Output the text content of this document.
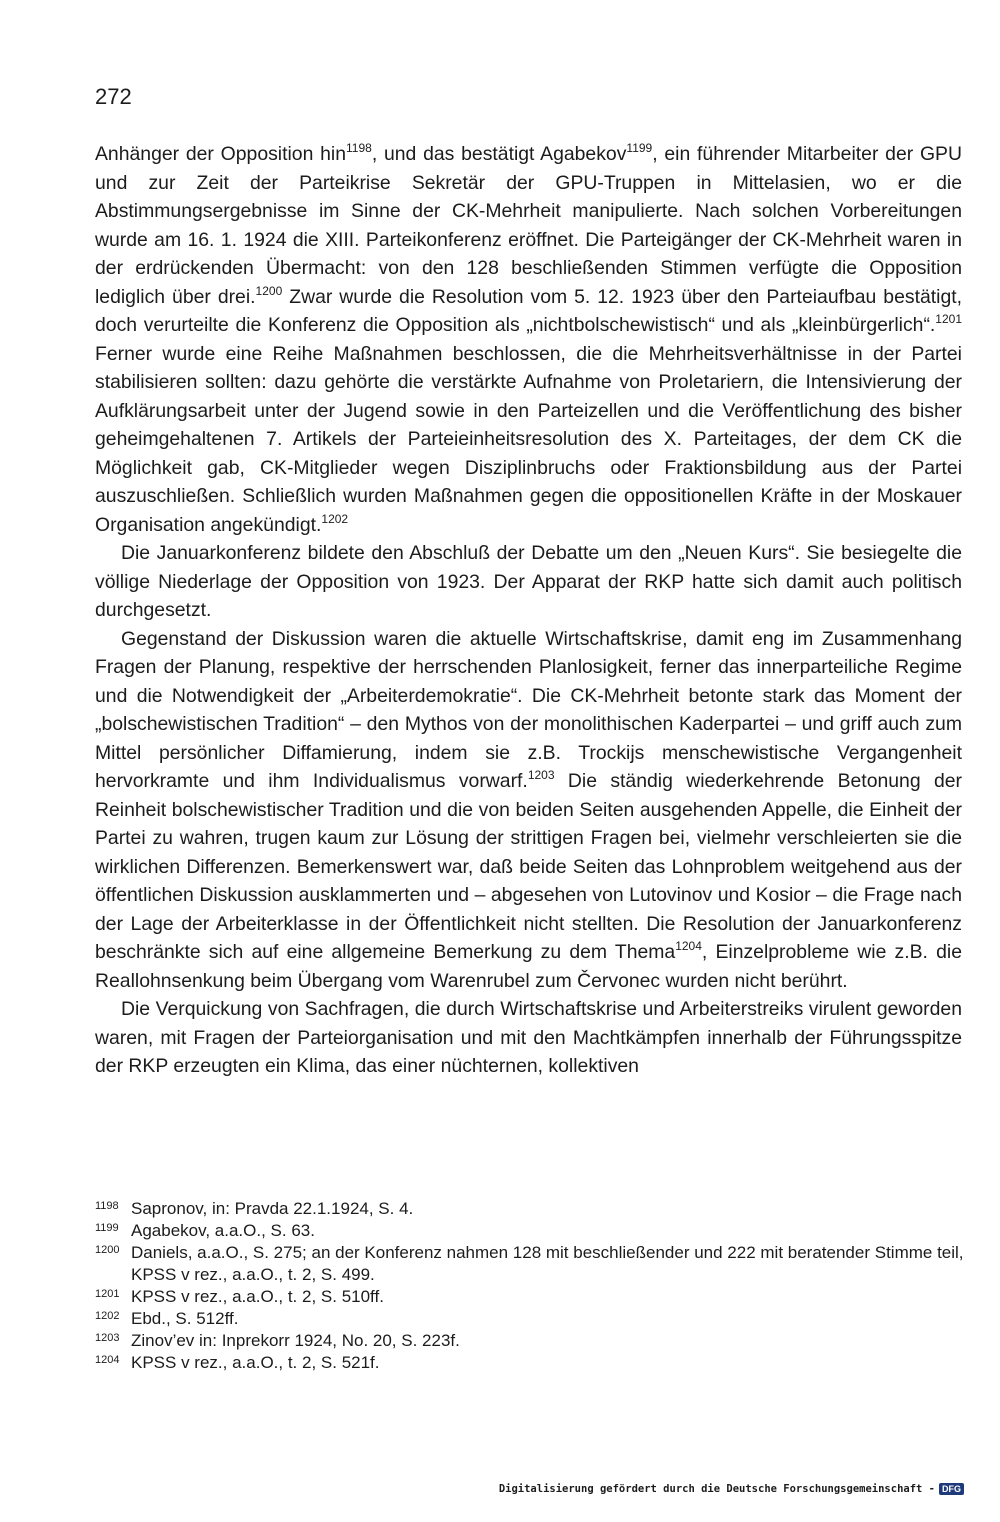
272

Anhänger der Opposition hin$^{1198}$, und das bestätigt Agabekov$^{1199}$, ein führender Mitarbeiter der GPU und zur Zeit der Parteikrise Sekretär der GPU-Truppen in Mittelasien, wo er die Abstimmungsergebnisse im Sinne der CK-Mehrheit manipulierte. Nach solchen Vorbereitungen wurde am 16. 1. 1924 die XIII. Parteikonferenz eröffnet. Die Parteigänger der CK-Mehrheit waren in der erdrückenden Übermacht: von den 128 beschließenden Stimmen verfügte die Opposition lediglich über drei.$^{1200}$ Zwar wurde die Resolution vom 5. 12. 1923 über den Parteiaufbau bestätigt, doch verurteilte die Konferenz die Opposition als „nichtbolschewistisch“ und als „kleinbürgerlich“.$^{1201}$ Ferner wurde eine Reihe Maßnahmen beschlossen, die die Mehrheitsverhältnisse in der Partei stabilisieren sollten: dazu gehörte die verstärkte Aufnahme von Proletariern, die Intensivierung der Aufklärungsarbeit unter der Jugend sowie in den Parteizellen und die Veröffentlichung des bisher geheimgehaltenen 7. Artikels der Parteieinheitsresolution des X. Parteitages, der dem CK die Möglichkeit gab, CK-Mitglieder wegen Disziplinbruchs oder Fraktionsbildung aus der Partei auszuschließen. Schließlich wurden Maßnahmen gegen die oppositionellen Kräfte in der Moskauer Organisation angekündigt.$^{1202}$

Die Januarkonferenz bildete den Abschluß der Debatte um den „Neuen Kurs“. Sie besiegelte die völlige Niederlage der Opposition von 1923. Der Apparat der RKP hatte sich damit auch politisch durchgesetzt.

Gegenstand der Diskussion waren die aktuelle Wirtschaftskrise, damit eng im Zusammenhang Fragen der Planung, respektive der herrschenden Planlosigkeit, ferner das innerparteiliche Regime und die Notwendigkeit der „Arbeiterdemokratie“. Die CK-Mehrheit betonte stark das Moment der „bolschewistischen Tradition“ – den Mythos von der monolithischen Kaderpartei – und griff auch zum Mittel persönlicher Diffamierung, indem sie z.B. Trockijs menschewistische Vergangenheit hervorkramte und ihm Individualismus vorwarf.$^{1203}$ Die ständig wiederkehrende Betonung der Reinheit bolschewistischer Tradition und die von beiden Seiten ausgehenden Appelle, die Einheit der Partei zu wahren, trugen kaum zur Lösung der strittigen Fragen bei, vielmehr verschleierten sie die wirklichen Differenzen. Bemerkenswert war, daß beide Seiten das Lohnproblem weitgehend aus der öffentlichen Diskussion ausklammerten und – abgesehen von Lutovinov und Kosior – die Frage nach der Lage der Arbeiterklasse in der Öffentlichkeit nicht stellten. Die Resolution der Januarkonferenz beschränkte sich auf eine allgemeine Bemerkung zu dem Thema$^{1204}$, Einzelprobleme wie z.B. die Reallohnsenkung beim Übergang vom Warenrubel zum Červonec wurden nicht berührt.

Die Verquickung von Sachfragen, die durch Wirtschaftskrise und Arbeiterstreiks virulent geworden waren, mit Fragen der Parteiorganisation und mit den Machtkämpfen innerhalb der Führungsspitze der RKP erzeugten ein Klima, das einer nüchternen, kollektiven

1198 Sapronov, in: Pravda 22.1.1924, S. 4.
1199 Agabekov, a.a.O., S. 63.
1200 Daniels, a.a.O., S. 275; an der Konferenz nahmen 128 mit beschließender und 222 mit beratender Stimme teil, KPSS v rez., a.a.O., t. 2, S. 499.
1201 KPSS v rez., a.a.O., t. 2, S. 510ff.
1202 Ebd., S. 512ff.
1203 Zinov’ev in: Inprekorr 1924, No. 20, S. 223f.
1204 KPSS v rez., a.a.O., t. 2, S. 521f.
Digitalisierung gefördert durch die Deutsche Forschungsgemeinschaft - DFG
